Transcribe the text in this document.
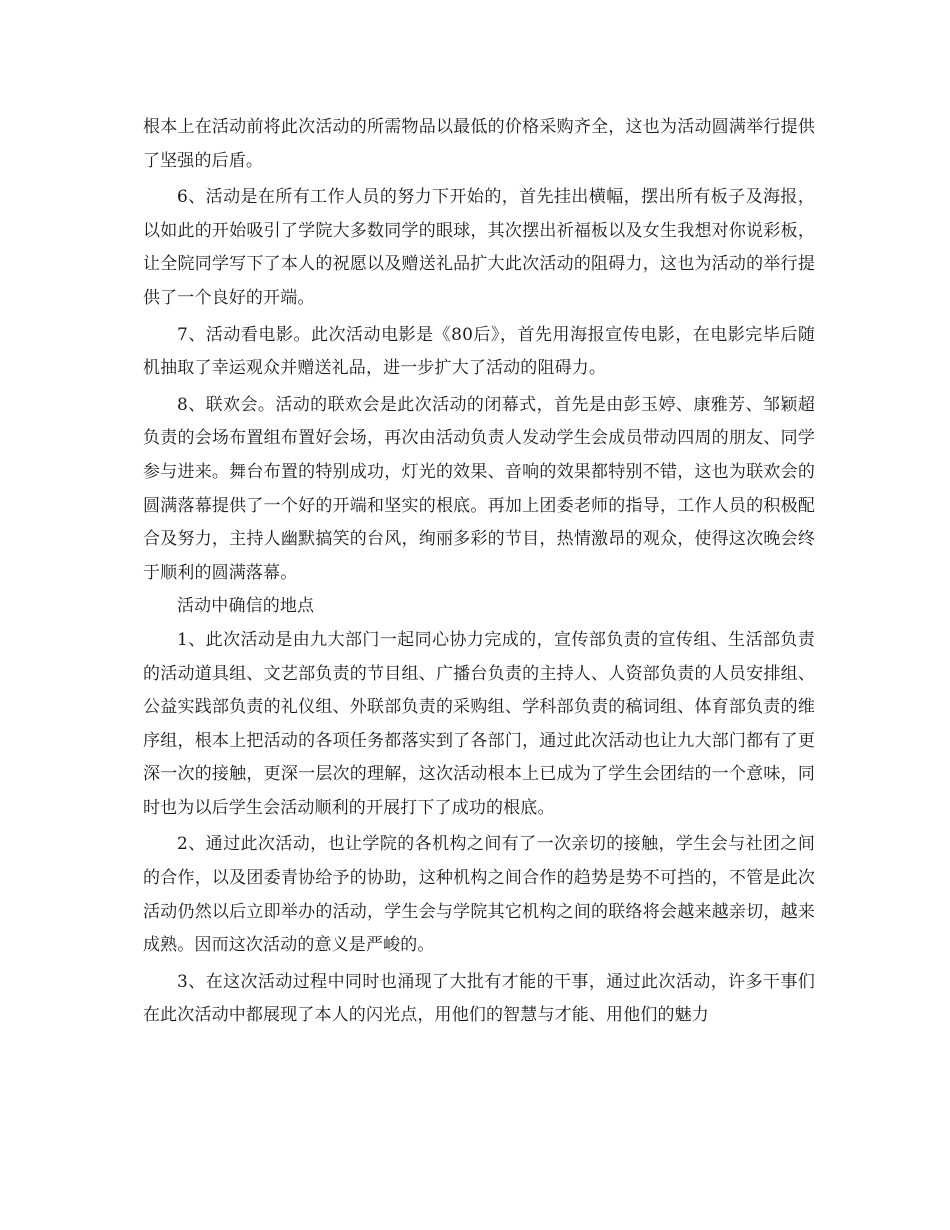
根本上在活动前将此次活动的所需物品以最低的价格采购齐全，这也为活动圆满举行提供了坚强的后盾。

6、活动是在所有工作人员的努力下开始的，首先挂出横幅，摆出所有板子及海报，以如此的开始吸引了学院大多数同学的眼球，其次摆出祈福板以及女生我想对你说彩板，让全院同学写下了本人的祝愿以及赠送礼品扩大此次活动的阻碍力，这也为活动的举行提供了一个良好的开端。

7、活动看电影。此次活动电影是《80后》，首先用海报宣传电影，在电影完毕后随机抽取了幸运观众并赠送礼品，进一步扩大了活动的阻碍力。

8、联欢会。活动的联欢会是此次活动的闭幕式，首先是由彭玉婷、康雅芳、邹颖超负责的会场布置组布置好会场，再次由活动负责人发动学生会成员带动四周的朋友、同学参与进来。舞台布置的特别成功，灯光的效果、音响的效果都特别不错，这也为联欢会的圆满落幕提供了一个好的开端和坚实的根底。再加上团委老师的指导，工作人员的积极配合及努力，主持人幽默搞笑的台风，绚丽多彩的节目，热情激昂的观众，使得这次晚会终于顺利的圆满落幕。

活动中确信的地点

1、此次活动是由九大部门一起同心协力完成的，宣传部负责的宣传组、生活部负责的活动道具组、文艺部负责的节目组、广播台负责的主持人、人资部负责的人员安排组、公益实践部负责的礼仪组、外联部负责的采购组、学科部负责的稿词组、体育部负责的维序组，根本上把活动的各项任务都落实到了各部门，通过此次活动也让九大部门都有了更深一次的接触，更深一层次的理解，这次活动根本上已成为了学生会团结的一个意味，同时也为以后学生会活动顺利的开展打下了成功的根底。

2、通过此次活动，也让学院的各机构之间有了一次亲切的接触，学生会与社团之间的合作，以及团委青协给予的协助，这种机构之间合作的趋势是势不可挡的，不管是此次活动仍然以后立即举办的活动，学生会与学院其它机构之间的联络将会越来越亲切，越来成熟。因而这次活动的意义是严峻的。

3、在这次活动过程中同时也涌现了大批有才能的干事，通过此次活动，许多干事们在此次活动中都展现了本人的闪光点，用他们的智慧与才能、用他们的魅力
